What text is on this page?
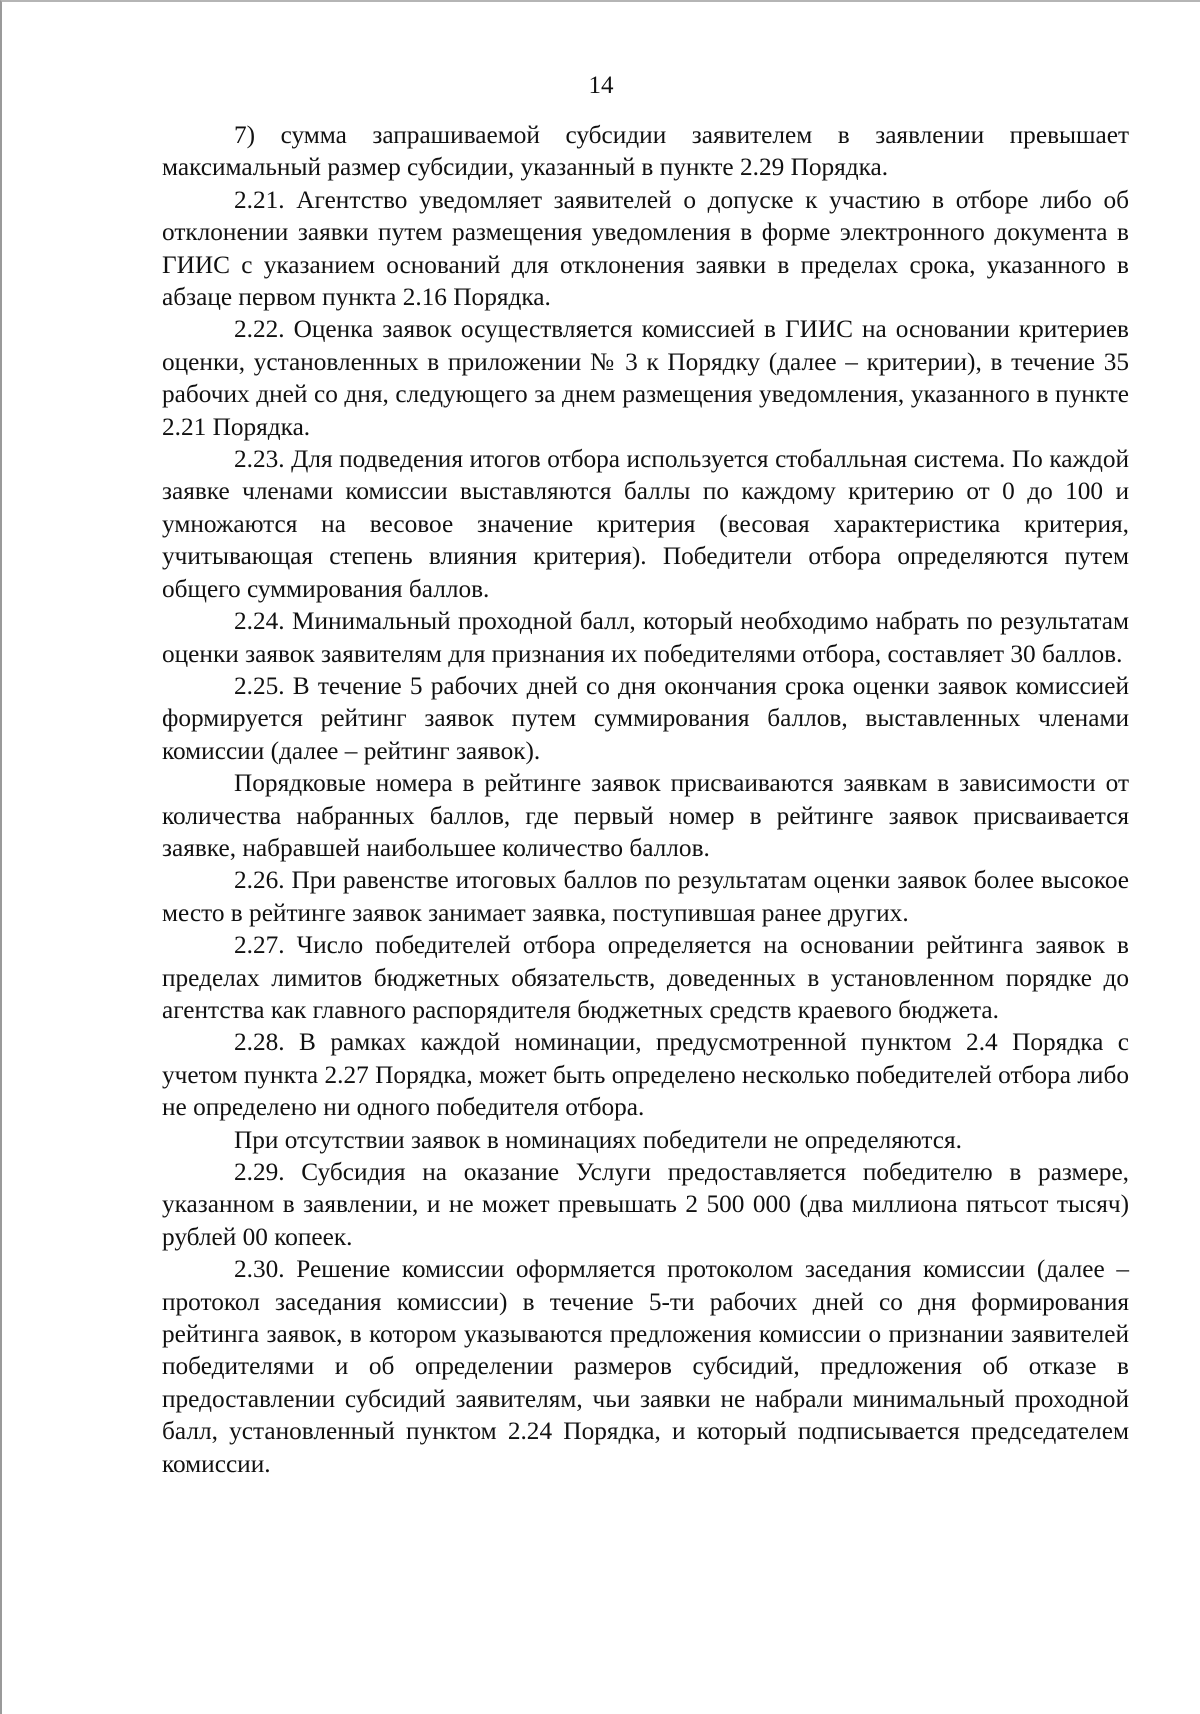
14

7) сумма запрашиваемой субсидии заявителем в заявлении превышает максимальный размер субсидии, указанный в пункте 2.29 Порядка.

2.21. Агентство уведомляет заявителей о допуске к участию в отборе либо об отклонении заявки путем размещения уведомления в форме электронного документа в ГИИС с указанием оснований для отклонения заявки в пределах срока, указанного в абзаце первом пункта 2.16 Порядка.

2.22. Оценка заявок осуществляется комиссией в ГИИС на основании критериев оценки, установленных в приложении № 3 к Порядку (далее – критерии), в течение 35 рабочих дней со дня, следующего за днем размещения уведомления, указанного в пункте 2.21 Порядка.

2.23. Для подведения итогов отбора используется стобалльная система. По каждой заявке членами комиссии выставляются баллы по каждому критерию от 0 до 100 и умножаются на весовое значение критерия (весовая характеристика критерия, учитывающая степень влияния критерия). Победители отбора определяются путем общего суммирования баллов.

2.24. Минимальный проходной балл, который необходимо набрать по результатам оценки заявок заявителям для признания их победителями отбора, составляет 30 баллов.

2.25. В течение 5 рабочих дней со дня окончания срока оценки заявок комиссией формируется рейтинг заявок путем суммирования баллов, выставленных членами комиссии (далее – рейтинг заявок).

Порядковые номера в рейтинге заявок присваиваются заявкам в зависимости от количества набранных баллов, где первый номер в рейтинге заявок присваивается заявке, набравшей наибольшее количество баллов.

2.26. При равенстве итоговых баллов по результатам оценки заявок более высокое место в рейтинге заявок занимает заявка, поступившая ранее других.

2.27. Число победителей отбора определяется на основании рейтинга заявок в пределах лимитов бюджетных обязательств, доведенных в установленном порядке до агентства как главного распорядителя бюджетных средств краевого бюджета.

2.28. В рамках каждой номинации, предусмотренной пунктом 2.4 Порядка с учетом пункта 2.27 Порядка, может быть определено несколько победителей отбора либо не определено ни одного победителя отбора.

При отсутствии заявок в номинациях победители не определяются.

2.29. Субсидия на оказание Услуги предоставляется победителю в размере, указанном в заявлении, и не может превышать 2 500 000 (два миллиона пятьсот тысяч) рублей 00 копеек.

2.30. Решение комиссии оформляется протоколом заседания комиссии (далее – протокол заседания комиссии) в течение 5-ти рабочих дней со дня формирования рейтинга заявок, в котором указываются предложения комиссии о признании заявителей победителями и об определении размеров субсидий, предложения об отказе в предоставлении субсидий заявителям, чьи заявки не набрали минимальный проходной балл, установленный пунктом 2.24 Порядка, и который подписывается председателем комиссии.
